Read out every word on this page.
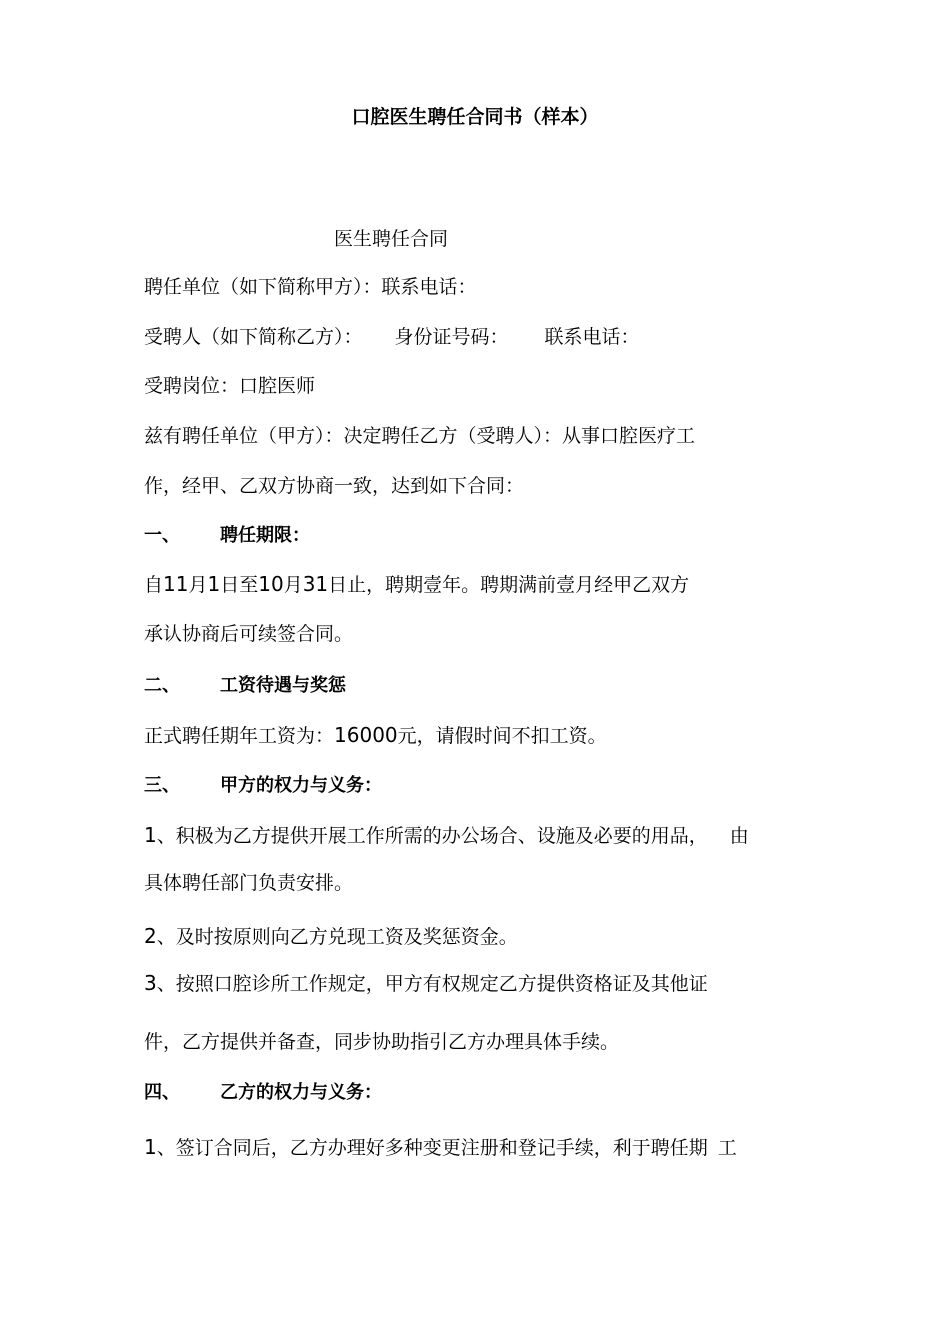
口腔医生聘任合同书（样本）
医生聘任合同
聘任单位（如下简称甲方）：联系电话：
受聘人（如下简称乙方）： 身份证号码： 联系电话：
受聘岗位：口腔医师
兹有聘任单位（甲方）：决定聘任乙方（受聘人）：从事口腔医疗工
作，经甲、乙双方协商一致，达到如下合同：
一、 聘任期限：
自11月1日至10月31日止，聘期壹年。聘期满前壹月经甲乙双方
承认协商后可续签合同。
二、 工资待遇与奖惩
正式聘任期年工资为：16000元，请假时间不扣工资。
三、 甲方的权力与义务：
1、积极为乙方提供开展工作所需的办公场合、设施及必要的用品， 由
具体聘任部门负责安排。
2、及时按原则向乙方兑现工资及奖惩资金。
3、按照口腔诊所工作规定，甲方有权规定乙方提供资格证及其他证
件，乙方提供并备查，同步协助指引乙方办理具体手续。
四、 乙方的权力与义务：
1、签订合同后，乙方办理好多种变更注册和登记手续，利于聘任期 工
